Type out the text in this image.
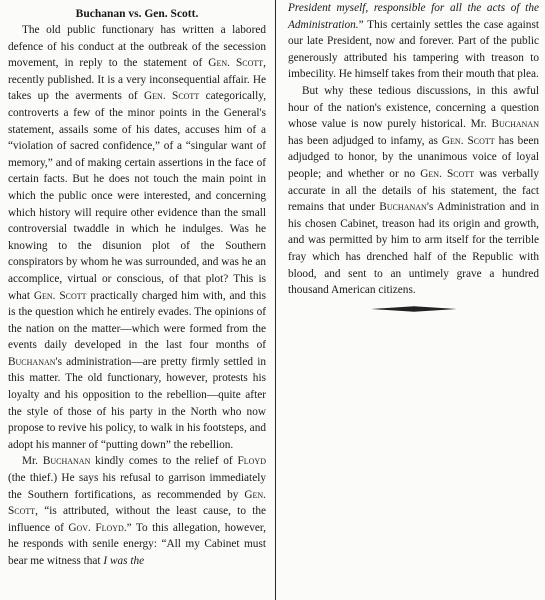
Buchanan vs. Gen. Scott.

The old public functionary has written a labored defence of his conduct at the outbreak of the secession movement, in reply to the statement of Gen. Scott, recently published. It is a very inconsequential affair. He takes up the averments of Gen. Scott categorically, controverts a few of the minor points in the General's statement, assails some of his dates, accuses him of a “violation of sacred confidence,” of a “singular want of memory,” and of making certain assertions in the face of certain facts. But he does not touch the main point in which the public once were interested, and concerning which history will require other evidence than the small controversial twaddle in which he indulges. Was he knowing to the disunion plot of the Southern conspirators by whom he was surrounded, and was he an accomplice, virtual or conscious, of that plot? This is what Gen. Scott practically charged him with, and this is the question which he entirely evades. The opinions of the nation on the matter—which were formed from the events daily developed in the last four months of Buchanan's administration—are pretty firmly settled in this matter. The old functionary, however, protests his loyalty and his opposition to the rebellion—quite after the style of those of his party in the North who now propose to revive his policy, to walk in his footsteps, and adopt his manner of “putting down” the rebellion.

Mr. Buchanan kindly comes to the relief of Floyd (the thief.) He says his refusal to garrison immediately the Southern fortifications, as recommended by Gen. Scott, “is attributed, without the least cause, to the influence of Gov. Floyd.” To this allegation, however, he responds with senile energy: “All my Cabinet must bear me witness that I was the

President myself, responsible for all the acts of the Administration.” This certainly settles the case against our late President, now and forever. Part of the public generously attributed his tampering with treason to imbecility. He himself takes from their mouth that plea.

But why these tedious discussions, in this awful hour of the nation's existence, concerning a question whose value is now purely historical. Mr. Buchanan has been adjudged to infamy, as Gen. Scott has been adjudged to honor, by the unanimous voice of loyal people; and whether or no Gen. Scott was verbally accurate in all the details of his statement, the fact remains that under Buchanan's Administration and in his chosen Cabinet, treason had its origin and growth, and was permitted by him to arm itself for the terrible fray which has drenched half of the Republic with blood, and sent to an untimely grave a hundred thousand American citizens.
